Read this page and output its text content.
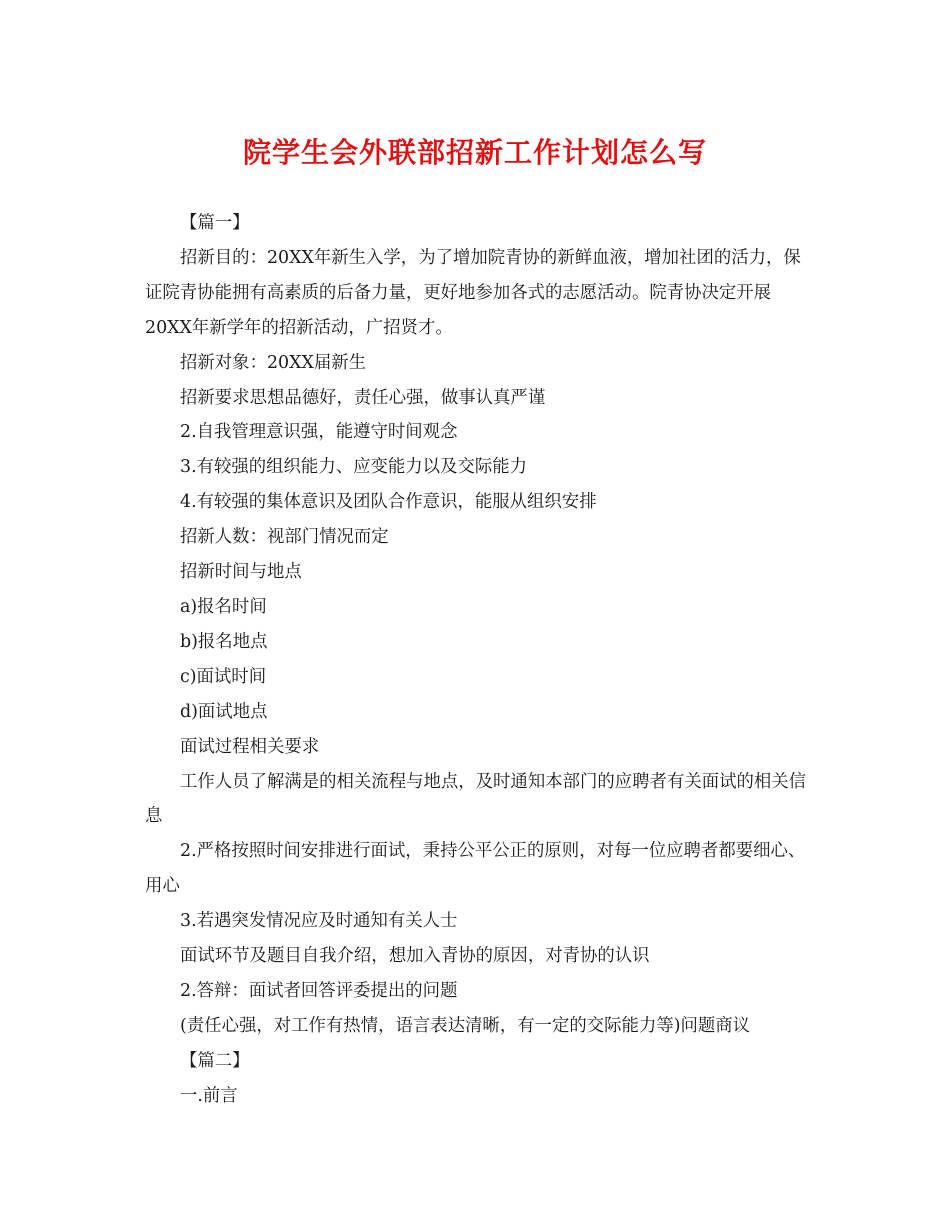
院学生会外联部招新工作计划怎么写

【篇一】

招新目的：20XX年新生入学，为了增加院青协的新鲜血液，增加社团的活力，保证院青协能拥有高素质的后备力量，更好地参加各式的志愿活动。院青协决定开展20XX年新学年的招新活动，广招贤才。

招新对象：20XX届新生

招新要求思想品德好，责任心强，做事认真严谨

2.自我管理意识强，能遵守时间观念

3.有较强的组织能力、应变能力以及交际能力

4.有较强的集体意识及团队合作意识，能服从组织安排

招新人数：视部门情况而定

招新时间与地点

a)报名时间

b)报名地点

c)面试时间

d)面试地点

面试过程相关要求

工作人员了解满是的相关流程与地点，及时通知本部门的应聘者有关面试的相关信息

2.严格按照时间安排进行面试，秉持公平公正的原则，对每一位应聘者都要细心、用心

3.若遇突发情况应及时通知有关人士

面试环节及题目自我介绍，想加入青协的原因，对青协的认识

2.答辩：面试者回答评委提出的问题

(责任心强，对工作有热情，语言表达清晰，有一定的交际能力等)问题商议

【篇二】

一.前言
